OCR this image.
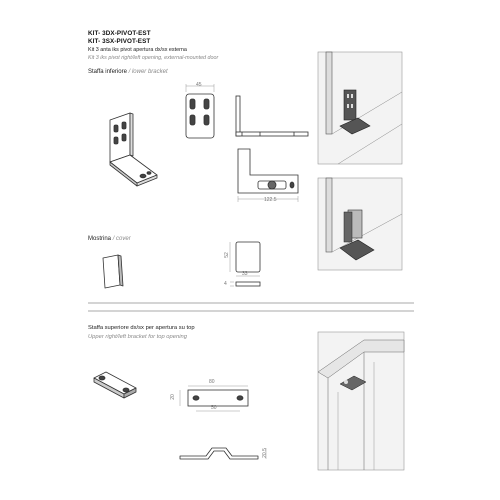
KIT- 3DX-PIVOT-EST
KIT- 3SX-PIVOT-EST
Kit 3 anta iks pivot apertura dx/sx esterna
Kit 3 iks pivot right/left opening, external-mounted door
Staffa inferiore / lower bracket
45
122.5
Mostrina / cover
52
33
4
Staffa superiore dx/sx per apertura su top
Upper right/left bracket for top opening
80
20
50
20.5
